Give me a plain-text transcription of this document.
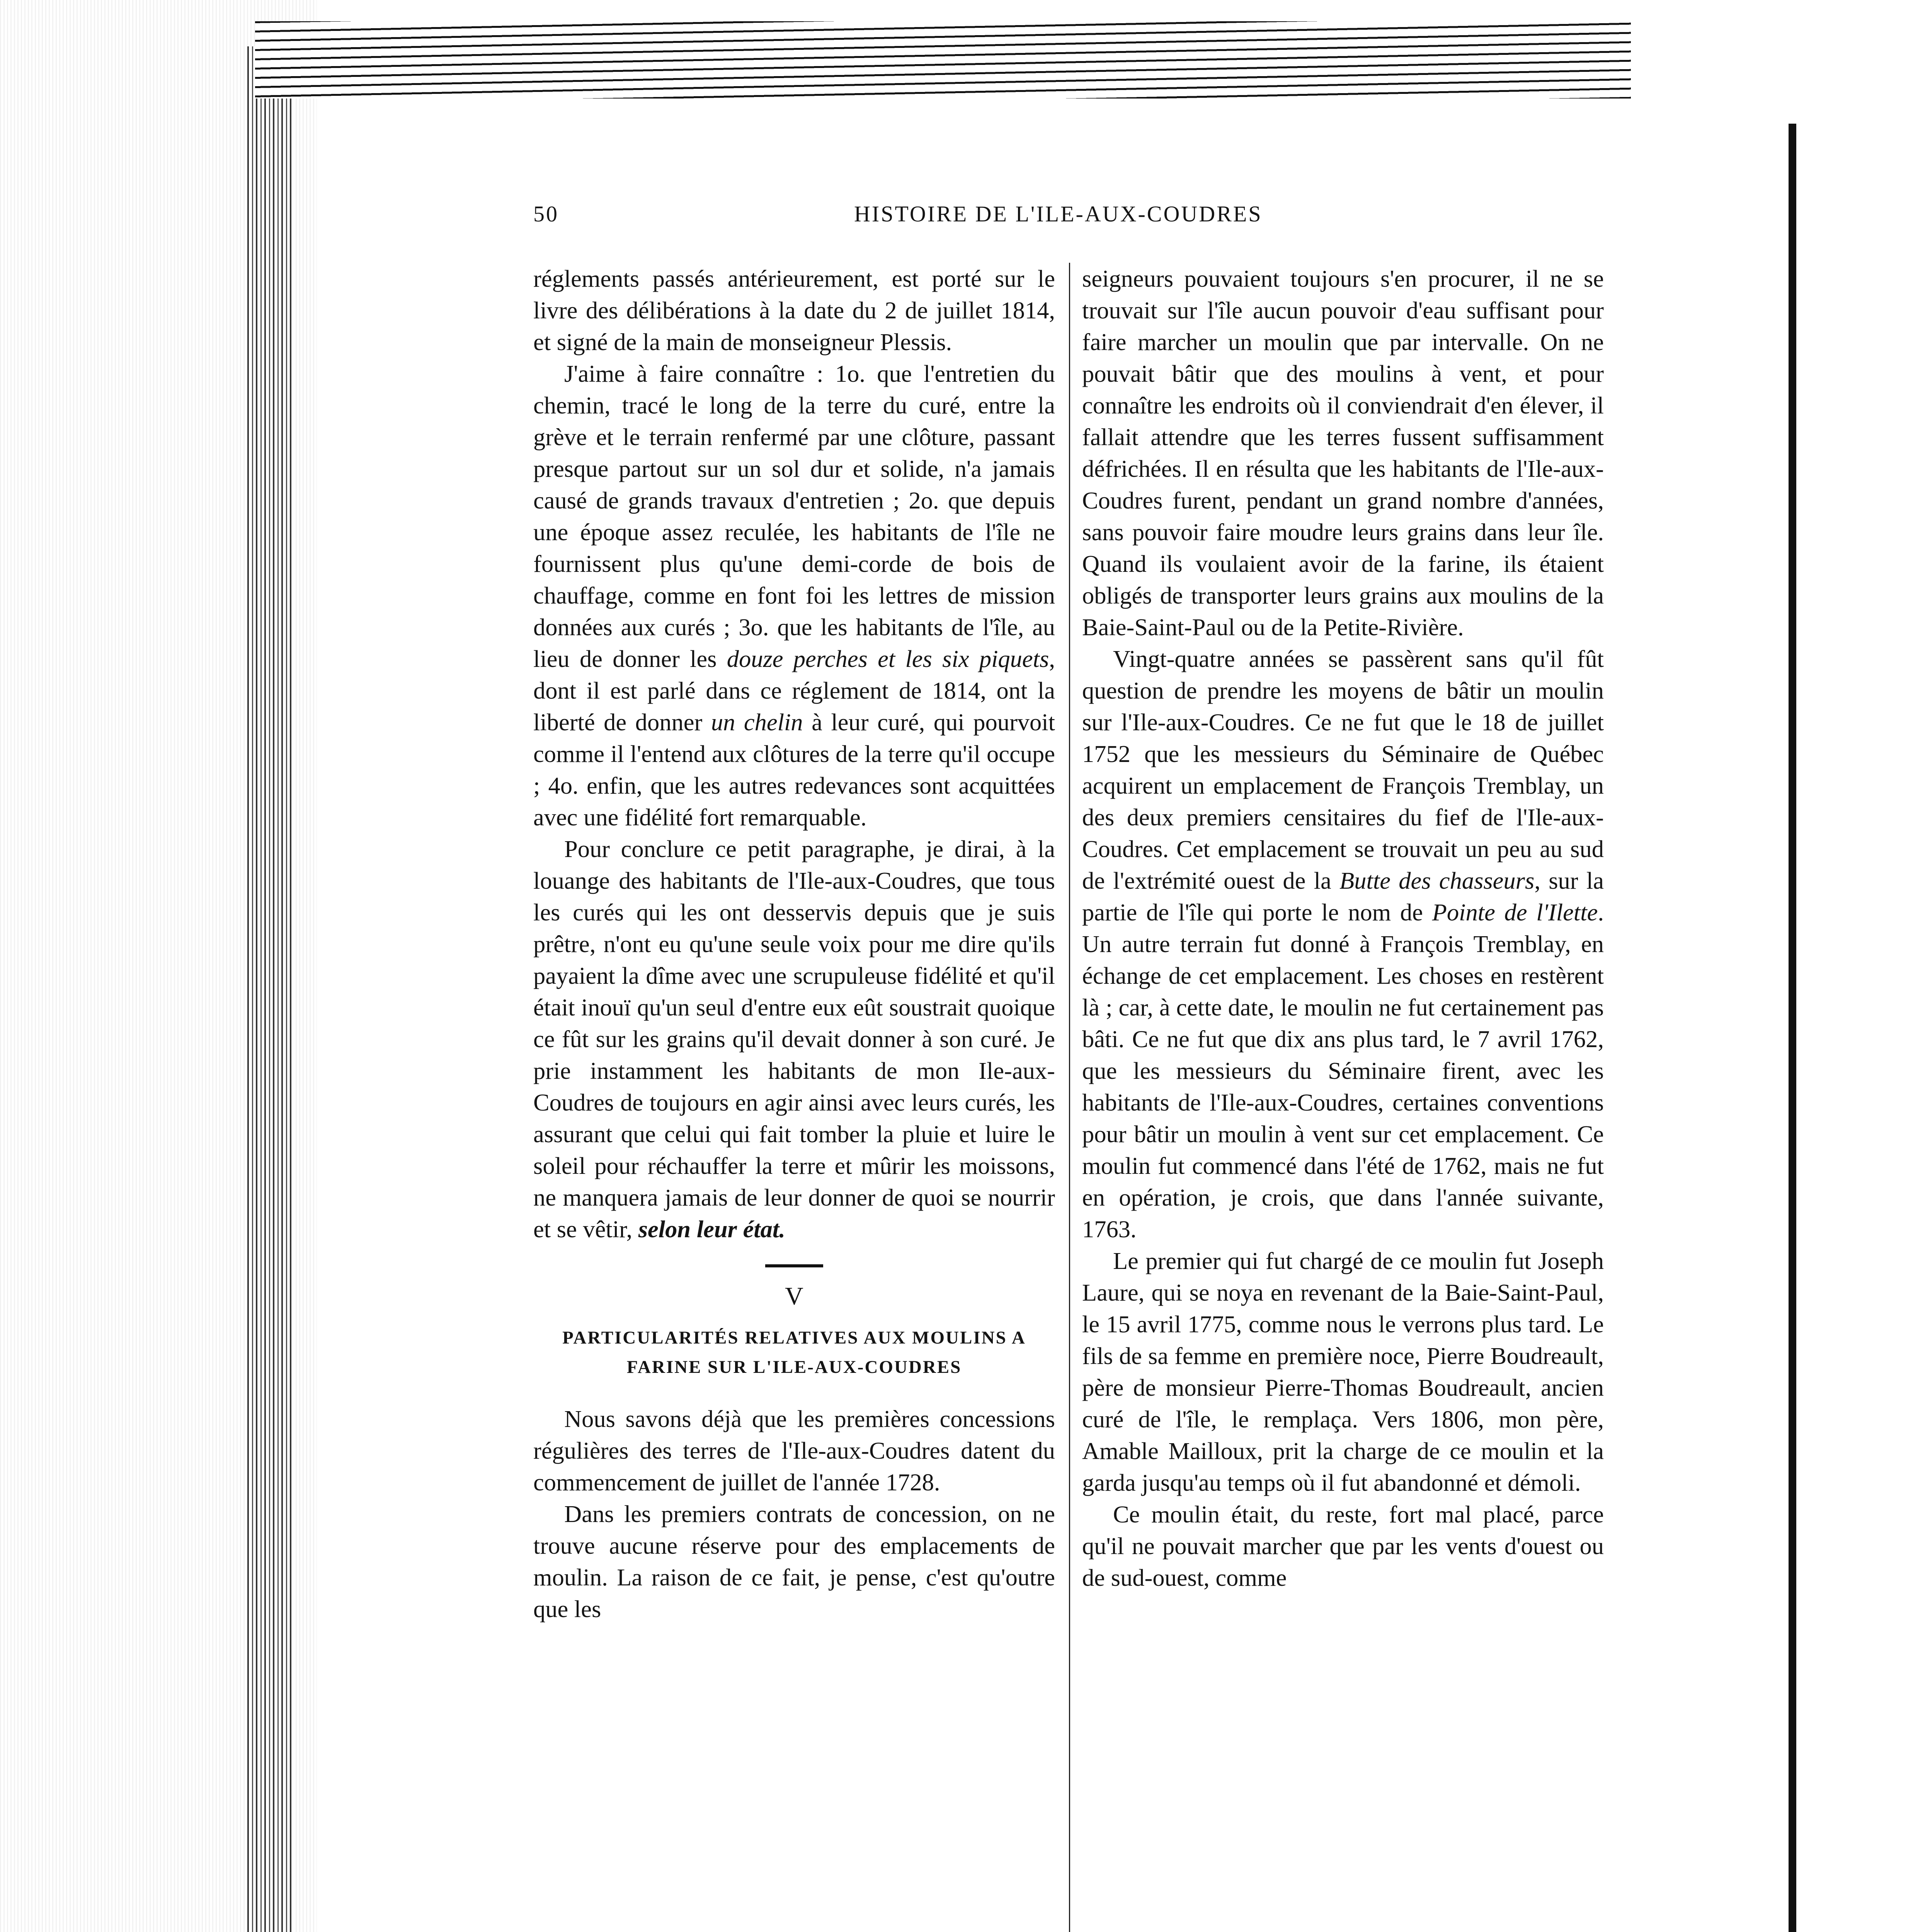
50	HISTOIRE DE L'ILE-AUX-COUDRES

réglements passés antérieurement, est porté sur le livre des délibérations à la date du 2 de juillet 1814, et signé de la main de monseigneur Plessis.

J'aime à faire connaître : 1o. que l'entretien du chemin, tracé le long de la terre du curé, entre la grève et le terrain renfermé par une clôture, passant presque partout sur un sol dur et solide, n'a jamais causé de grands travaux d'entretien ; 2o. que depuis une époque assez reculée, les habitants de l'île ne fournissent plus qu'une demi-corde de bois de chauffage, comme en font foi les lettres de mission données aux curés ; 3o. que les habitants de l'île, au lieu de donner les douze perches et les six piquets, dont il est parlé dans ce réglement de 1814, ont la liberté de donner un chelin à leur curé, qui pourvoit comme il l'entend aux clôtures de la terre qu'il occupe ; 4o. enfin, que les autres redevances sont acquittées avec une fidélité fort remarquable.

Pour conclure ce petit paragraphe, je dirai, à la louange des habitants de l'Ile-aux-Coudres, que tous les curés qui les ont desservis depuis que je suis prêtre, n'ont eu qu'une seule voix pour me dire qu'ils payaient la dîme avec une scrupuleuse fidélité et qu'il était inouï qu'un seul d'entre eux eût soustrait quoique ce fût sur les grains qu'il devait donner à son curé. Je prie instamment les habitants de mon Ile-aux-Coudres de toujours en agir ainsi avec leurs curés, les assurant que celui qui fait tomber la pluie et luire le soleil pour réchauffer la terre et mûrir les moissons, ne manquera jamais de leur donner de quoi se nourrir et se vêtir, selon leur état.

V

PARTICULARITÉS RELATIVES AUX MOULINS A FARINE SUR L'ILE-AUX-COUDRES

Nous savons déjà que les premières concessions régulières des terres de l'Ile-aux-Coudres datent du commencement de juillet de l'année 1728.

Dans les premiers contrats de concession, on ne trouve aucune réserve pour des emplacements de moulin. La raison de ce fait, je pense, c'est qu'outre que les

seigneurs pouvaient toujours s'en procurer, il ne se trouvait sur l'île aucun pouvoir d'eau suffisant pour faire marcher un moulin que par intervalle. On ne pouvait bâtir que des moulins à vent, et pour connaître les endroits où il conviendrait d'en élever, il fallait attendre que les terres fussent suffisamment défrichées. Il en résulta que les habitants de l'Ile-aux-Coudres furent, pendant un grand nombre d'années, sans pouvoir faire moudre leurs grains dans leur île. Quand ils voulaient avoir de la farine, ils étaient obligés de transporter leurs grains aux moulins de la Baie-Saint-Paul ou de la Petite-Rivière.

Vingt-quatre années se passèrent sans qu'il fût question de prendre les moyens de bâtir un moulin sur l'Ile-aux-Coudres. Ce ne fut que le 18 de juillet 1752 que les messieurs du Séminaire de Québec acquirent un emplacement de François Tremblay, un des deux premiers censitaires du fief de l'Ile-aux-Coudres. Cet emplacement se trouvait un peu au sud de l'extrémité ouest de la Butte des chasseurs, sur la partie de l'île qui porte le nom de Pointe de l'Ilette. Un autre terrain fut donné à François Tremblay, en échange de cet emplacement. Les choses en restèrent là ; car, à cette date, le moulin ne fut certainement pas bâti. Ce ne fut que dix ans plus tard, le 7 avril 1762, que les messieurs du Séminaire firent, avec les habitants de l'Ile-aux-Coudres, certaines conventions pour bâtir un moulin à vent sur cet emplacement. Ce moulin fut commencé dans l'été de 1762, mais ne fut en opération, je crois, que dans l'année suivante, 1763.

Le premier qui fut chargé de ce moulin fut Joseph Laure, qui se noya en revenant de la Baie-Saint-Paul, le 15 avril 1775, comme nous le verrons plus tard. Le fils de sa femme en première noce, Pierre Boudreault, père de monsieur Pierre-Thomas Boudreault, ancien curé de l'île, le remplaça. Vers 1806, mon père, Amable Mailloux, prit la charge de ce moulin et la garda jusqu'au temps où il fut abandonné et démoli.

Ce moulin était, du reste, fort mal placé, parce qu'il ne pouvait marcher que par les vents d'ouest ou de sud-ouest, comme
